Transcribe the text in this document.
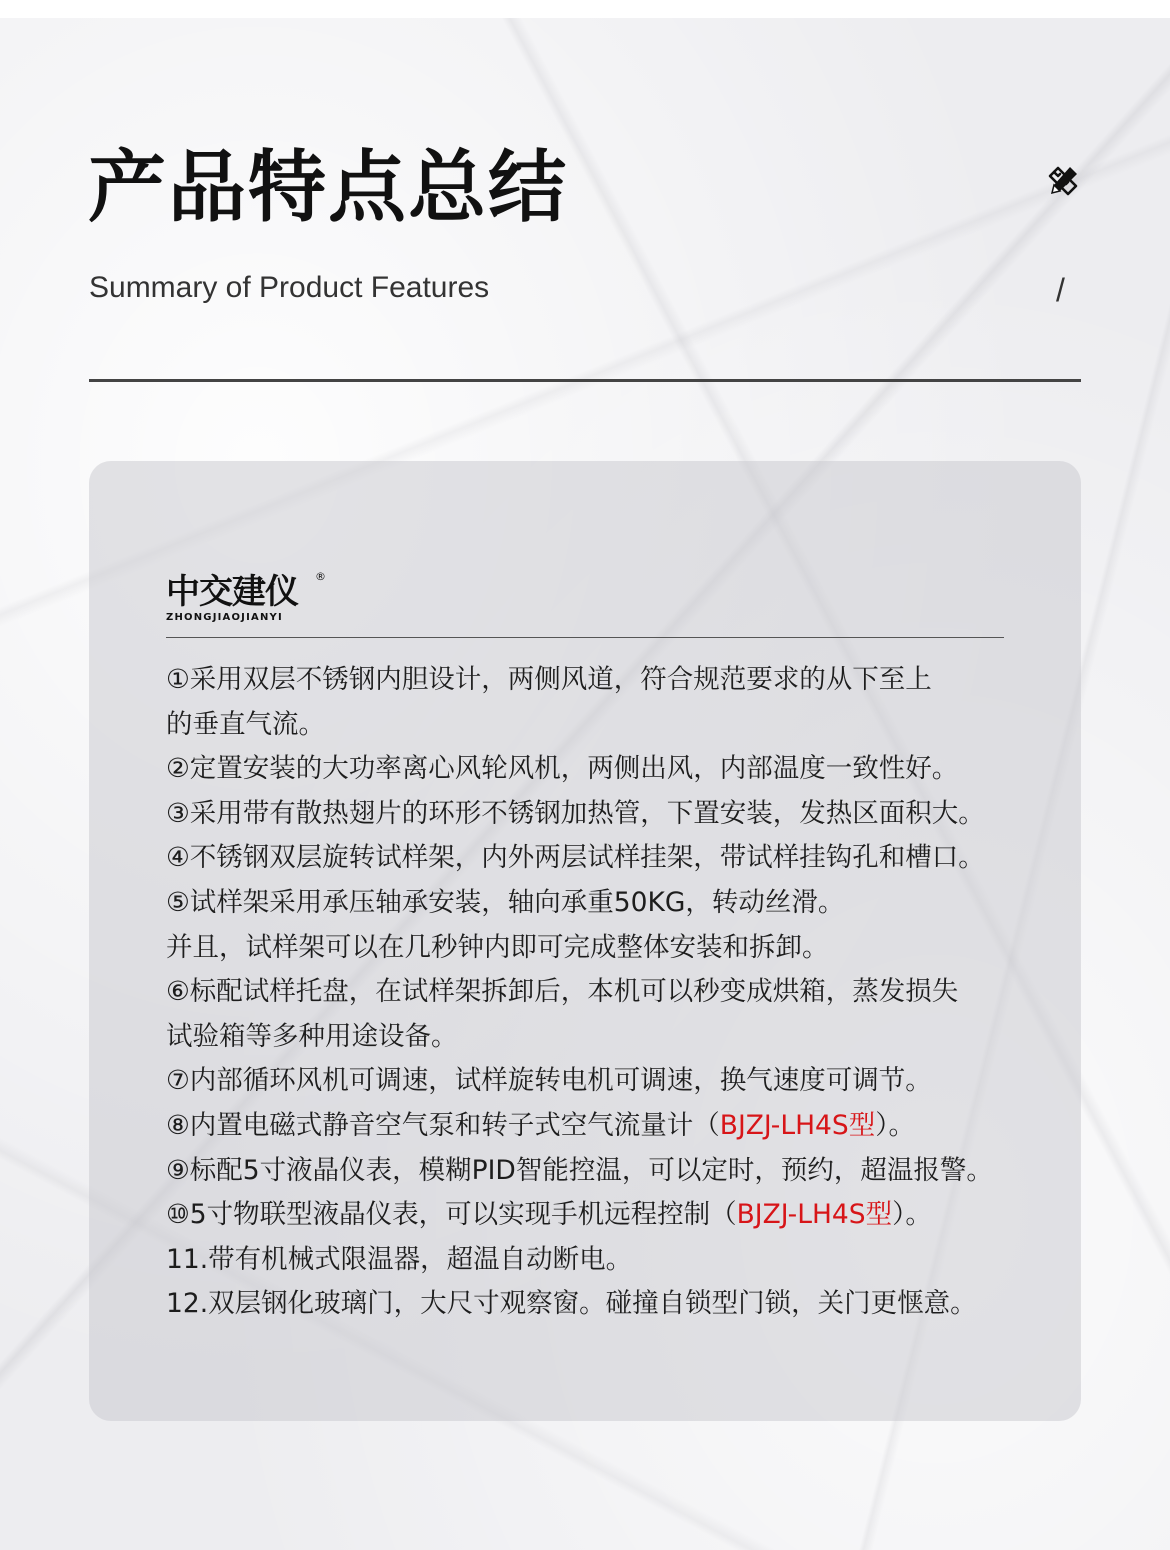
产品特点总结
Summary of Product Features	/
中交建仪 ®
ZHONGJIAOJIANYI
①采用双层不锈钢内胆设计，两侧风道，符合规范要求的从下至上
的垂直气流。
②定置安装的大功率离心风轮风机，两侧出风，内部温度一致性好。
③采用带有散热翅片的环形不锈钢加热管，下置安装，发热区面积大。
④不锈钢双层旋转试样架，内外两层试样挂架，带试样挂钩孔和槽口。
⑤试样架采用承压轴承安装，轴向承重50KG，转动丝滑。
并且，试样架可以在几秒钟内即可完成整体安装和拆卸。
⑥标配试样托盘，在试样架拆卸后，本机可以秒变成烘箱，蒸发损失
试验箱等多种用途设备。
⑦内部循环风机可调速，试样旋转电机可调速，换气速度可调节。
⑧内置电磁式静音空气泵和转子式空气流量计（BJZJ-LH4S型）。
⑨标配5寸液晶仪表，模糊PID智能控温，可以定时，预约，超温报警。
⑩5寸物联型液晶仪表，可以实现手机远程控制（BJZJ-LH4S型）。
11.带有机械式限温器，超温自动断电。
12.双层钢化玻璃门，大尺寸观察窗。碰撞自锁型门锁，关门更惬意。
